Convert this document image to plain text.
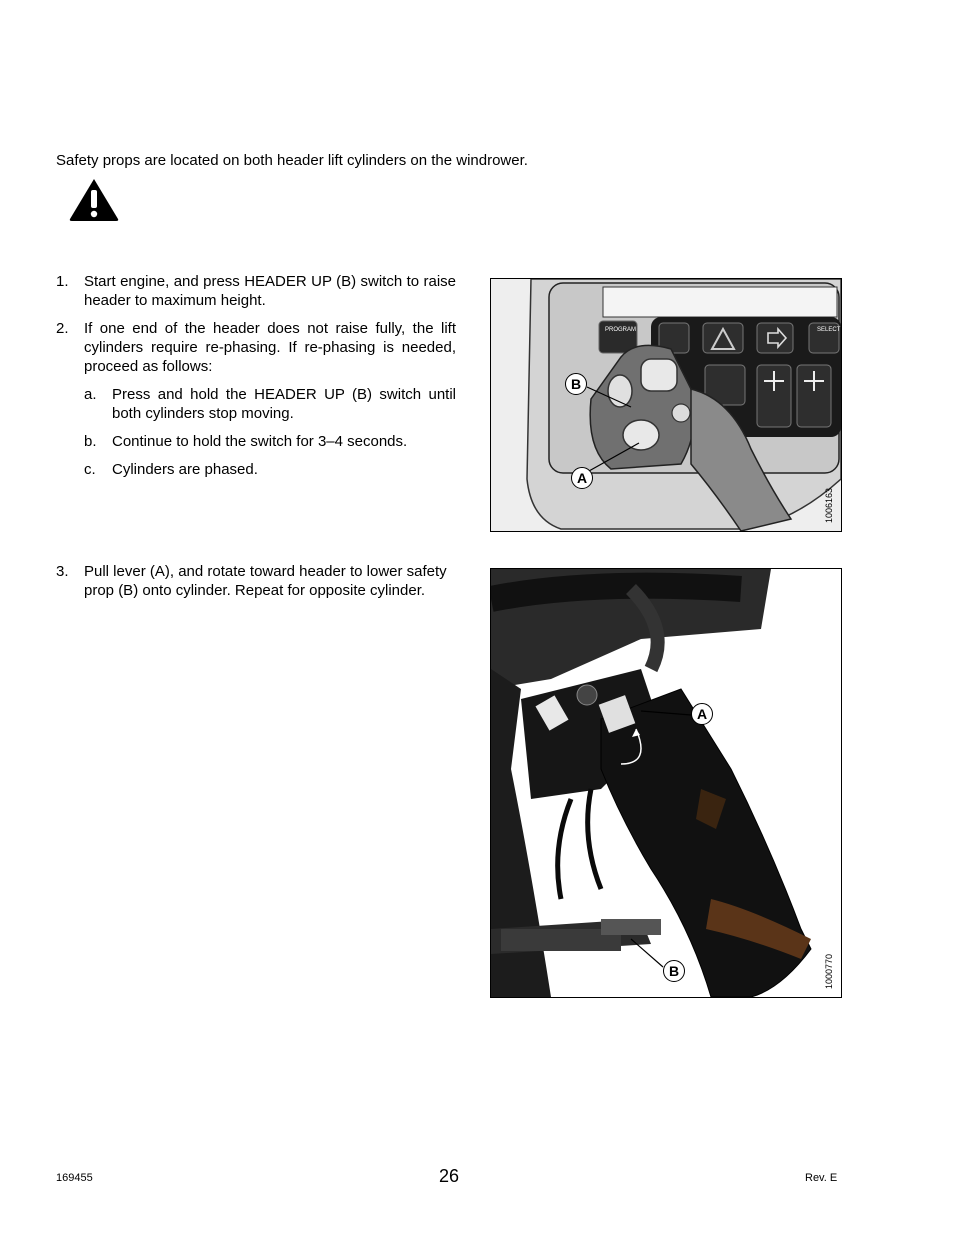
Safety props are located on both header lift cylinders on the windrower.
1.	Start engine, and press HEADER UP (B) switch to raise header to maximum height.
2.	If one end of the header does not raise fully, the lift cylinders require re-phasing. If re-phasing is needed, proceed as follows:
a.	Press and hold the HEADER UP (B) switch until both cylinders stop moving.
b.	Continue to hold the switch for 3–4 seconds.
c.	Cylinders are phased.
3.	Pull lever (A), and rotate toward header to lower safety prop (B) onto cylinder. Repeat for opposite cylinder.
PROGRAM	SELECT
B
A
1006163
A
B	1000770
169455	26	Rev. E
